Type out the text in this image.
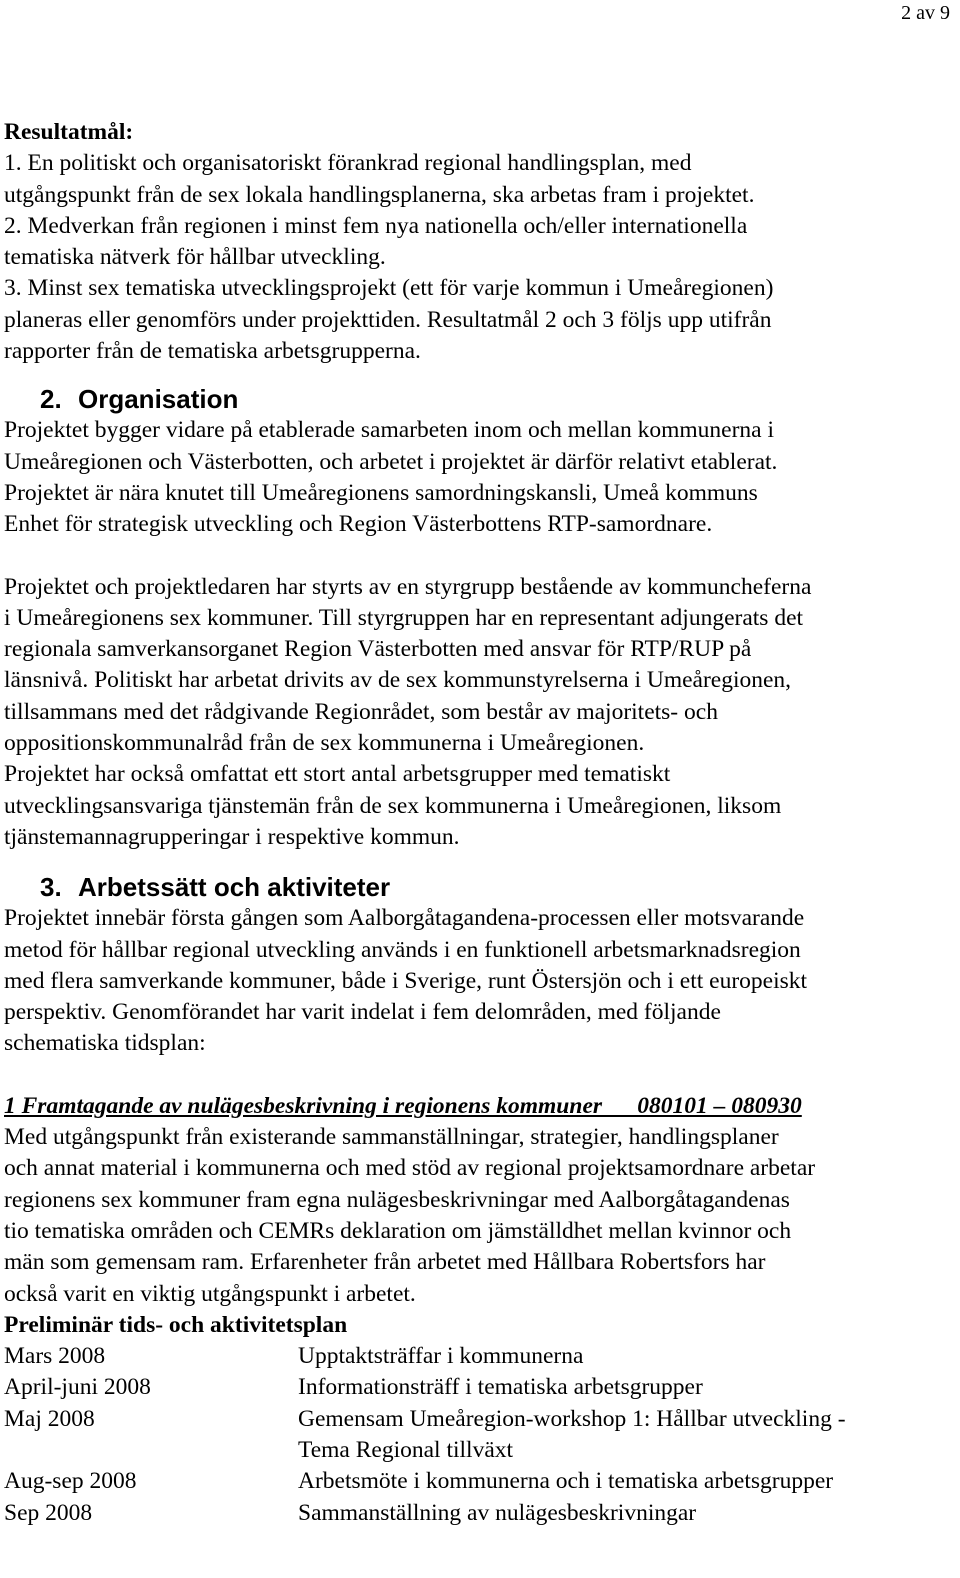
2 av 9
Resultatmål:
1. En politiskt och organisatoriskt förankrad regional handlingsplan, med
utgångspunkt från de sex lokala handlingsplanerna, ska arbetas fram i projektet.
2. Medverkan från regionen i minst fem nya nationella och/eller internationella
tematiska nätverk för hållbar utveckling.
3. Minst sex tematiska utvecklingsprojekt (ett för varje kommun i Umeåregionen)
planeras eller genomförs under projekttiden. Resultatmål 2 och 3 följs upp utifrån
rapporter från de tematiska arbetsgrupperna.
2. Organisation
Projektet bygger vidare på etablerade samarbeten inom och mellan kommunerna i
Umeåregionen och Västerbotten, och arbetet i projektet är därför relativt etablerat.
Projektet är nära knutet till Umeåregionens samordningskansli, Umeå kommuns
Enhet för strategisk utveckling och Region Västerbottens RTP-samordnare.
Projektet och projektledaren har styrts av en styrgrupp bestående av kommuncheferna
i Umeåregionens sex kommuner. Till styrgruppen har en representant adjungerats det
regionala samverkansorganet Region Västerbotten med ansvar för RTP/RUP på
länsnivå. Politiskt har arbetat drivits av de sex kommunstyrelserna i Umeåregionen,
tillsammans med det rådgivande Regionrådet, som består av majoritets- och
oppositionskommunalråd från de sex kommunerna i Umeåregionen.
Projektet har också omfattat ett stort antal arbetsgrupper med tematiskt
utvecklingsansvariga tjänstemän från de sex kommunerna i Umeåregionen, liksom
tjänstemannagrupperingar i respektive kommun.
3. Arbetssätt och aktiviteter
Projektet innebär första gången som Aalborgåtagandena-processen eller motsvarande
metod för hållbar regional utveckling används i en funktionell arbetsmarknadsregion
med flera samverkande kommuner, både i Sverige, runt Östersjön och i ett europeiskt
perspektiv. Genomförandet har varit indelat i fem delområden, med följande
schematiska tidsplan:
1 Framtagande av nulägesbeskrivning i regionens kommuner      080101 – 080930
Med utgångspunkt från existerande sammanställningar, strategier, handlingsplaner
och annat material i kommunerna och med stöd av regional projektsamordnare arbetar
regionens sex kommuner fram egna nulägesbeskrivningar med Aalborgåtagandenas
tio tematiska områden och CEMRs deklaration om jämställdhet mellan kvinnor och
män som gemensam ram. Erfarenheter från arbetet med Hållbara Robertsfors har
också varit en viktig utgångspunkt i arbetet.
Preliminär tids- och aktivitetsplan
Mars 2008	Upptaktsträffar i kommunerna
April-juni 2008	Informationsträff i tematiska arbetsgrupper
Maj 2008	Gemensam Umeåregion-workshop 1: Hållbar utveckling -
Tema Regional tillväxt

Aug-sep 2008	Arbetsmöte i kommunerna och i tematiska arbetsgrupper
Sep 2008	Sammanställning av nulägesbeskrivningar
